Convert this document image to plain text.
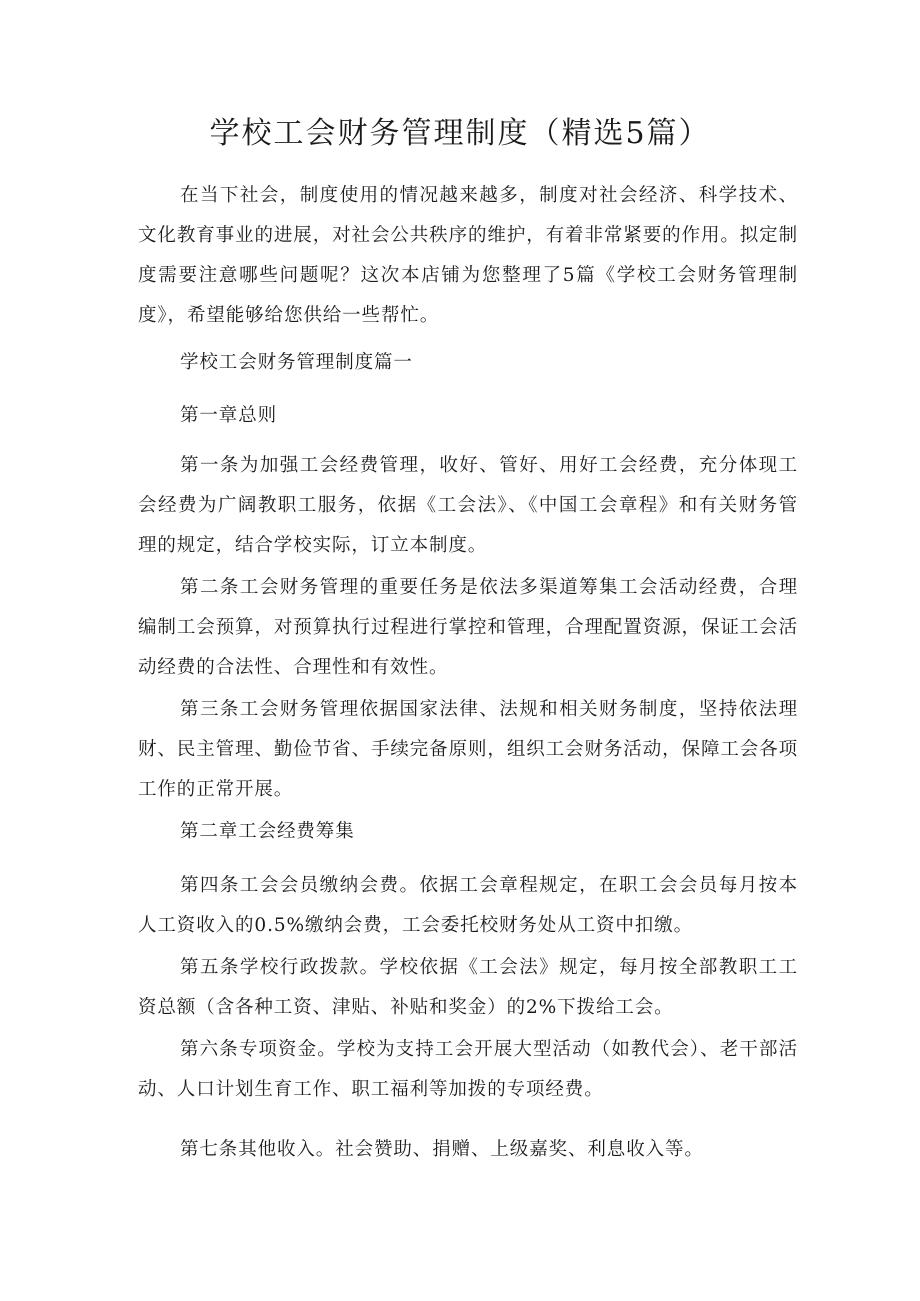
学校工会财务管理制度（精选5篇）

在当下社会，制度使用的情况越来越多，制度对社会经济、科学技术、文化教育事业的进展，对社会公共秩序的维护，有着非常紧要的作用。拟定制度需要注意哪些问题呢？这次本店铺为您整理了5篇《学校工会财务管理制度》，希望能够给您供给一些帮忙。

学校工会财务管理制度篇一

第一章总则

第一条为加强工会经费管理，收好、管好、用好工会经费，充分体现工会经费为广阔教职工服务，依据《工会法》、《中国工会章程》和有关财务管理的规定，结合学校实际，订立本制度。

第二条工会财务管理的重要任务是依法多渠道筹集工会活动经费，合理编制工会预算，对预算执行过程进行掌控和管理，合理配置资源，保证工会活动经费的合法性、合理性和有效性。

第三条工会财务管理依据国家法律、法规和相关财务制度，坚持依法理财、民主管理、勤俭节省、手续完备原则，组织工会财务活动，保障工会各项工作的正常开展。

第二章工会经费筹集

第四条工会会员缴纳会费。依据工会章程规定，在职工会会员每月按本人工资收入的0.5%缴纳会费，工会委托校财务处从工资中扣缴。

第五条学校行政拨款。学校依据《工会法》规定，每月按全部教职工工资总额（含各种工资、津贴、补贴和奖金）的2%下拨给工会。

第六条专项资金。学校为支持工会开展大型活动（如教代会）、老干部活动、人口计划生育工作、职工福利等加拨的专项经费。

第七条其他收入。社会赞助、捐赠、上级嘉奖、利息收入等。
